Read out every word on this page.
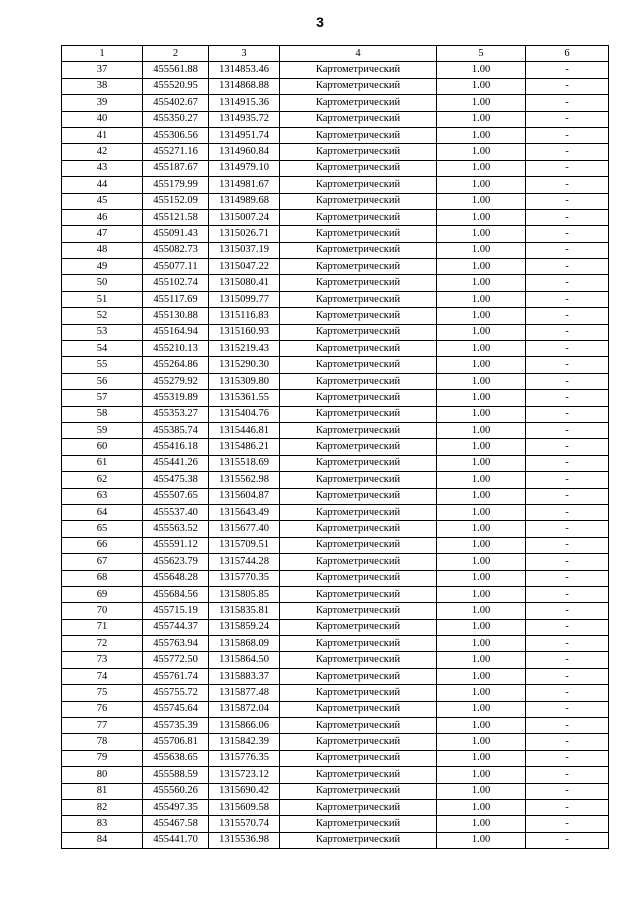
3
1	2	3	4	5	6
37	455561.88	1314853.46	Картометрический	1.00	-
38	455520.95	1314868.88	Картометрический	1.00	-
39	455402.67	1314915.36	Картометрический	1.00	-
40	455350.27	1314935.72	Картометрический	1.00	-
41	455306.56	1314951.74	Картометрический	1.00	-
42	455271.16	1314960.84	Картометрический	1.00	-
43	455187.67	1314979.10	Картометрический	1.00	-
44	455179.99	1314981.67	Картометрический	1.00	-
45	455152.09	1314989.68	Картометрический	1.00	-
46	455121.58	1315007.24	Картометрический	1.00	-
47	455091.43	1315026.71	Картометрический	1.00	-
48	455082.73	1315037.19	Картометрический	1.00	-
49	455077.11	1315047.22	Картометрический	1.00	-
50	455102.74	1315080.41	Картометрический	1.00	-
51	455117.69	1315099.77	Картометрический	1.00	-
52	455130.88	1315116.83	Картометрический	1.00	-
53	455164.94	1315160.93	Картометрический	1.00	-
54	455210.13	1315219.43	Картометрический	1.00	-
55	455264.86	1315290.30	Картометрический	1.00	-
56	455279.92	1315309.80	Картометрический	1.00	-
57	455319.89	1315361.55	Картометрический	1.00	-
58	455353.27	1315404.76	Картометрический	1.00	-
59	455385.74	1315446.81	Картометрический	1.00	-
60	455416.18	1315486.21	Картометрический	1.00	-
61	455441.26	1315518.69	Картометрический	1.00	-
62	455475.38	1315562.98	Картометрический	1.00	-
63	455507.65	1315604.87	Картометрический	1.00	-
64	455537.40	1315643.49	Картометрический	1.00	-
65	455563.52	1315677.40	Картометрический	1.00	-
66	455591.12	1315709.51	Картометрический	1.00	-
67	455623.79	1315744.28	Картометрический	1.00	-
68	455648.28	1315770.35	Картометрический	1.00	-
69	455684.56	1315805.85	Картометрический	1.00	-
70	455715.19	1315835.81	Картометрический	1.00	-
71	455744.37	1315859.24	Картометрический	1.00	-
72	455763.94	1315868.09	Картометрический	1.00	-
73	455772.50	1315864.50	Картометрический	1.00	-
74	455761.74	1315883.37	Картометрический	1.00	-
75	455755.72	1315877.48	Картометрический	1.00	-
76	455745.64	1315872.04	Картометрический	1.00	-
77	455735.39	1315866.06	Картометрический	1.00	-
78	455706.81	1315842.39	Картометрический	1.00	-
79	455638.65	1315776.35	Картометрический	1.00	-
80	455588.59	1315723.12	Картометрический	1.00	-
81	455560.26	1315690.42	Картометрический	1.00	-
82	455497.35	1315609.58	Картометрический	1.00	-
83	455467.58	1315570.74	Картометрический	1.00	-
84	455441.70	1315536.98	Картометрический	1.00	-
